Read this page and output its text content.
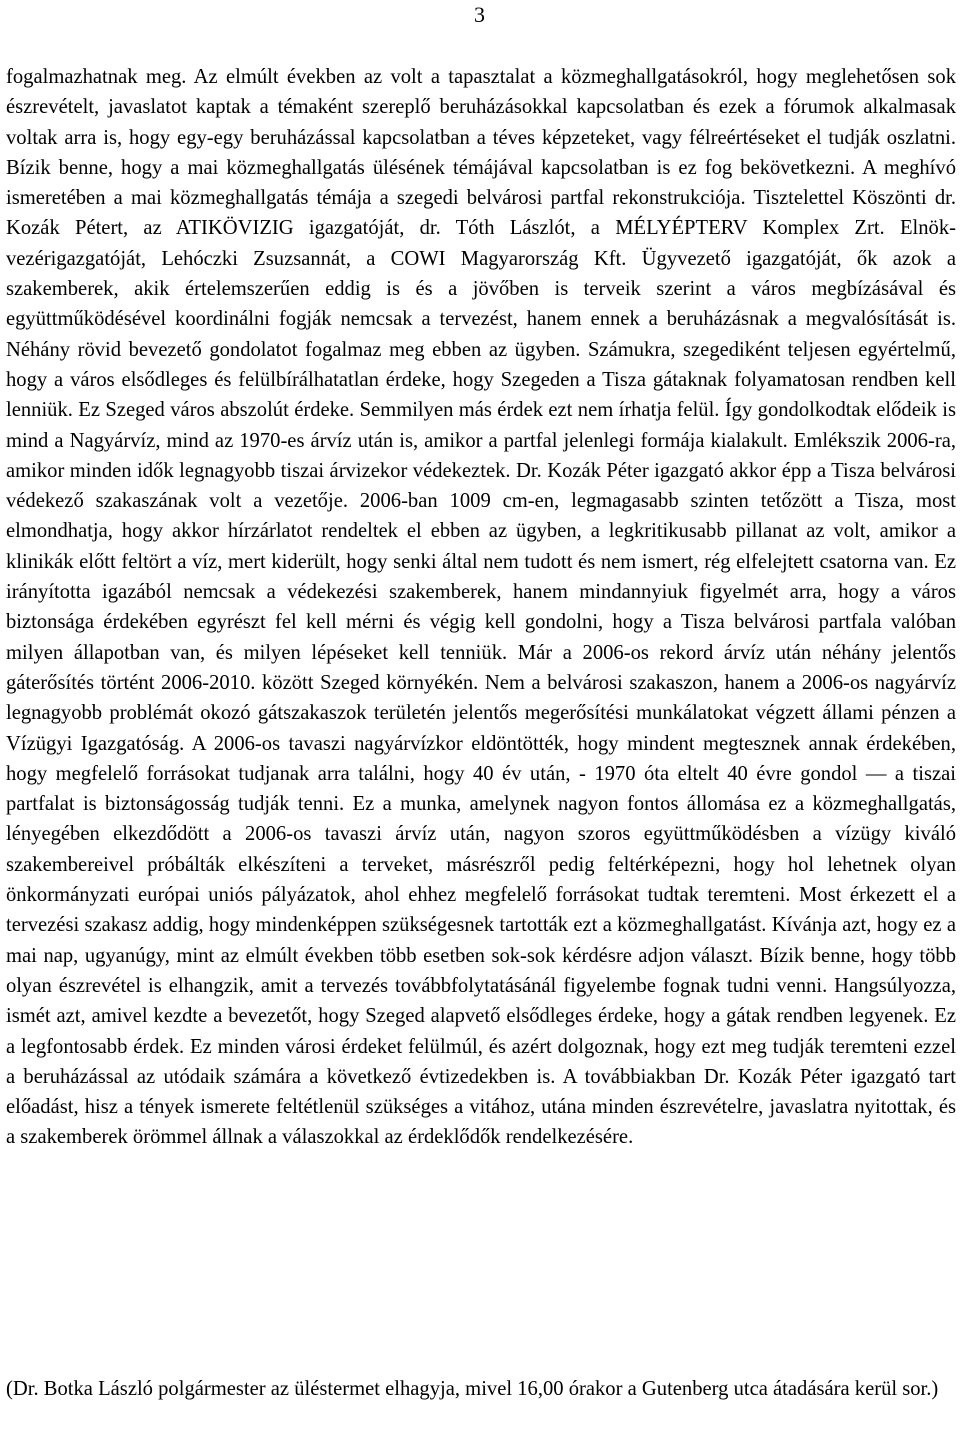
3

fogalmazhatnak meg. Az elmúlt években az volt a tapasztalat a közmeghallgatásokról, hogy meglehetősen sok észrevételt, javaslatot kaptak a témaként szereplő beruházásokkal kapcsolatban és ezek a fórumok alkalmasak voltak arra is, hogy egy-egy beruházással kapcsolatban a téves képzeteket, vagy félreértéseket el tudják oszlatni. Bízik benne, hogy a mai közmeghallgatás ülésének témájával kapcsolatban is ez fog bekövetkezni. A meghívó ismeretében a mai közmeghallgatás témája a szegedi belvárosi partfal rekonstrukciója. Tisztelettel Köszönti dr. Kozák Pétert, az ATIKÖVIZIG igazgatóját, dr. Tóth Lászlót, a MÉLYÉPTERV Komplex Zrt. Elnök-vezérigazgatóját, Lehóczki Zsuzsannát, a COWI Magyarország Kft. Ügyvezető igazgatóját, ők azok a szakemberek, akik értelemszerűen eddig is és a jövőben is terveik szerint a város megbízásával és együttműködésével koordinálni fogják nemcsak a tervezést, hanem ennek a beruházásnak a megvalósítását is. Néhány rövid bevezető gondolatot fogalmaz meg ebben az ügyben. Számukra, szegediként teljesen egyértelmű, hogy a város elsődleges és felülbírálhatatlan érdeke, hogy Szegeden a Tisza gátaknak folyamatosan rendben kell lenniük. Ez Szeged város abszolút érdeke. Semmilyen más érdek ezt nem írhatja felül. Így gondolkodtak elődeik is mind a Nagyárvíz, mind az 1970-es árvíz után is, amikor a partfal jelenlegi formája kialakult. Emlékszik 2006-ra, amikor minden idők legnagyobb tiszai árvizekor védekeztek. Dr. Kozák Péter igazgató akkor épp a Tisza belvárosi védekező szakaszának volt a vezetője. 2006-ban 1009 cm-en, legmagasabb szinten tetőzött a Tisza, most elmondhatja, hogy akkor hírzárlatot rendeltek el ebben az ügyben, a legkritikusabb pillanat az volt, amikor a klinikák előtt feltört a víz, mert kiderült, hogy senki által nem tudott és nem ismert, rég elfelejtett csatorna van. Ez irányította igazából nemcsak a védekezési szakemberek, hanem mindannyiuk figyelmét arra, hogy a város biztonsága érdekében egyrészt fel kell mérni és végig kell gondolni, hogy a Tisza belvárosi partfala valóban milyen állapotban van, és milyen lépéseket kell tenniük. Már a 2006-os rekord árvíz után néhány jelentős gáterősítés történt 2006-2010. között Szeged környékén. Nem a belvárosi szakaszon, hanem a 2006-os nagyárvíz legnagyobb problémát okozó gátszakaszok területén jelentős megerősítési munkálatokat végzett állami pénzen a Vízügyi Igazgatóság. A 2006-os tavaszi nagyárvízkor eldöntötték, hogy mindent megtesznek annak érdekében, hogy megfelelő forrásokat tudjanak arra találni, hogy 40 év után, - 1970 óta eltelt 40 évre gondol — a tiszai partfalat is biztonságosság tudják tenni. Ez a munka, amelynek nagyon fontos állomása ez a közmeghallgatás, lényegében elkezdődött a 2006-os tavaszi árvíz után, nagyon szoros együttműködésben a vízügy kiváló szakembereivel próbálták elkészíteni a terveket, másrészről pedig feltérképezni, hogy hol lehetnek olyan önkormányzati európai uniós pályázatok, ahol ehhez megfelelő forrásokat tudtak teremteni. Most érkezett el a tervezési szakasz addig, hogy mindenképpen szükségesnek tartották ezt a közmeghallgatást. Kívánja azt, hogy ez a mai nap, ugyanúgy, mint az elmúlt években több esetben sok-sok kérdésre adjon választ. Bízik benne, hogy több olyan észrevétel is elhangzik, amit a tervezés továbbfolytatásánál figyelembe fognak tudni venni. Hangsúlyozza, ismét azt, amivel kezdte a bevezetőt, hogy Szeged alapvető elsődleges érdeke, hogy a gátak rendben legyenek. Ez a legfontosabb érdek. Ez minden városi érdeket felülmúl, és azért dolgoznak, hogy ezt meg tudják teremteni ezzel a beruházással az utódaik számára a következő évtizedekben is. A továbbiakban Dr. Kozák Péter igazgató tart előadást, hisz a tények ismerete feltétlenül szükséges a vitához, utána minden észrevételre, javaslatra nyitottak, és a szakemberek örömmel állnak a válaszokkal az érdeklődők rendelkezésére.

(Dr. Botka László polgármester az üléstermet elhagyja, mivel 16,00 órakor a Gutenberg utca átadására kerül sor.)
